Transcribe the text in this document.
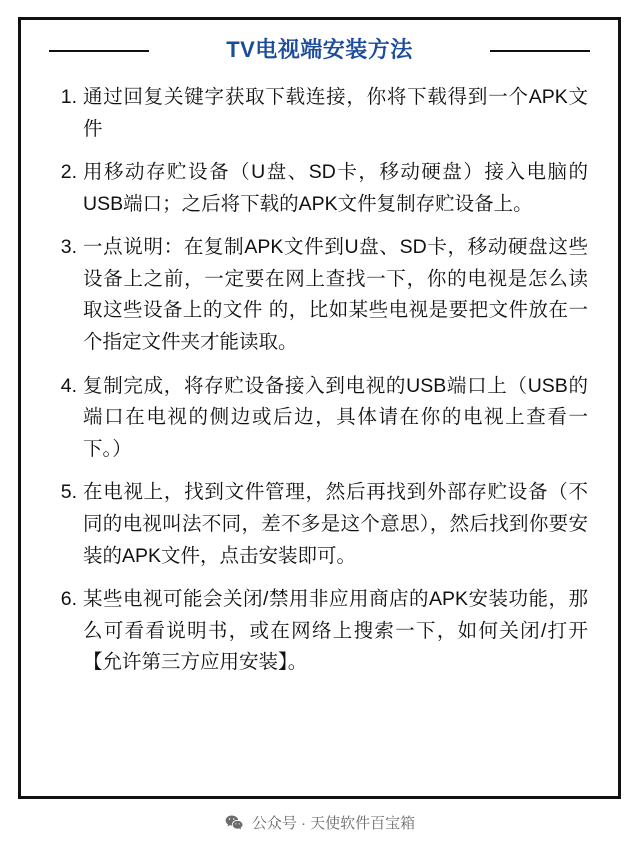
TV电视端安装方法
通过回复关键字获取下载连接，你将下载得到一个APK文件
用移动存贮设备（U盘、SD卡，移动硬盘）接入电脑的USB端口；之后将下载的APK文件复制存贮设备上。
一点说明：在复制APK文件到U盘、SD卡，移动硬盘这些设备上之前，一定要在网上查找一下，你的电视是怎么读取这些设备上的文件 的，比如某些电视是要把文件放在一个指定文件夹才能读取。
复制完成，将存贮设备接入到电视的USB端口上（USB的端口在电视的侧边或后边，具体请在你的电视上查看一下。）
在电视上，找到文件管理，然后再找到外部存贮设备（不同的电视叫法不同，差不多是这个意思），然后找到你要安装的APK文件，点击安装即可。
某些电视可能会关闭/禁用非应用商店的APK安装功能，那么可看看说明书，或在网络上搜索一下，如何关闭/打开【允许第三方应用安装】。
公众号 · 天使软件百宝箱
